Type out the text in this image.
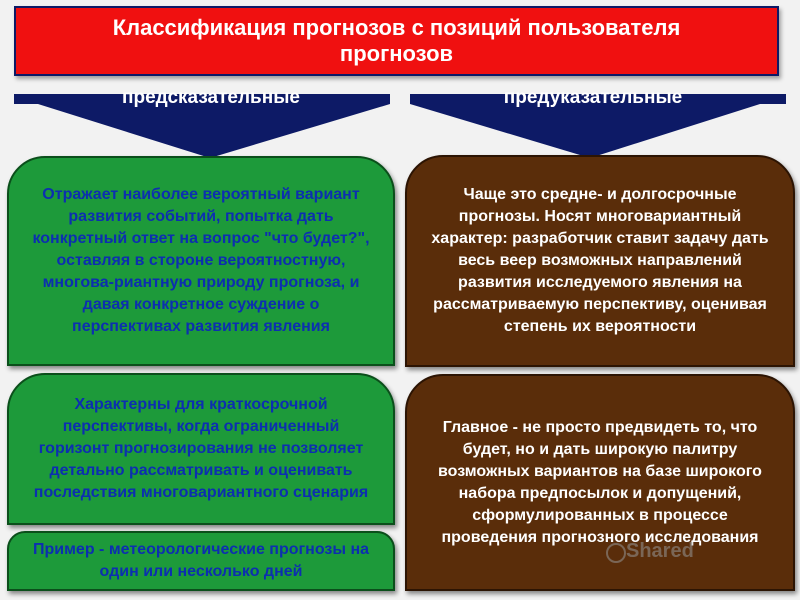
Классификация прогнозов с позиций пользователя
прогнозов
предсказательные	предуказательные
Отражает наиболее вероятный вариант развития событий, попытка дать конкретный ответ на вопрос "что будет?", оставляя в стороне вероятностную, многова-риантную природу прогноза, и давая конкретное суждение о перспективах развития явления
Характерны для краткосрочной перспективы, когда ограниченный горизонт прогнозирования не позволяет детально рассматривать и оценивать последствия многовариантного сценария
Пример - метеорологические прогнозы на один или несколько дней
Чаще это средне- и долгосрочные прогнозы. Носят многовариантный характер: разработчик ставит задачу дать весь веер возможных направлений развития исследуемого явления на рассматриваемую перспективу, оценивая степень их вероятности
Главное - не просто предвидеть то, что будет, но и дать широкую палитру возможных вариантов на базе широкого набора предпосылок и допущений, сформулированных в процессе проведения прогнозного исследования
Shared
